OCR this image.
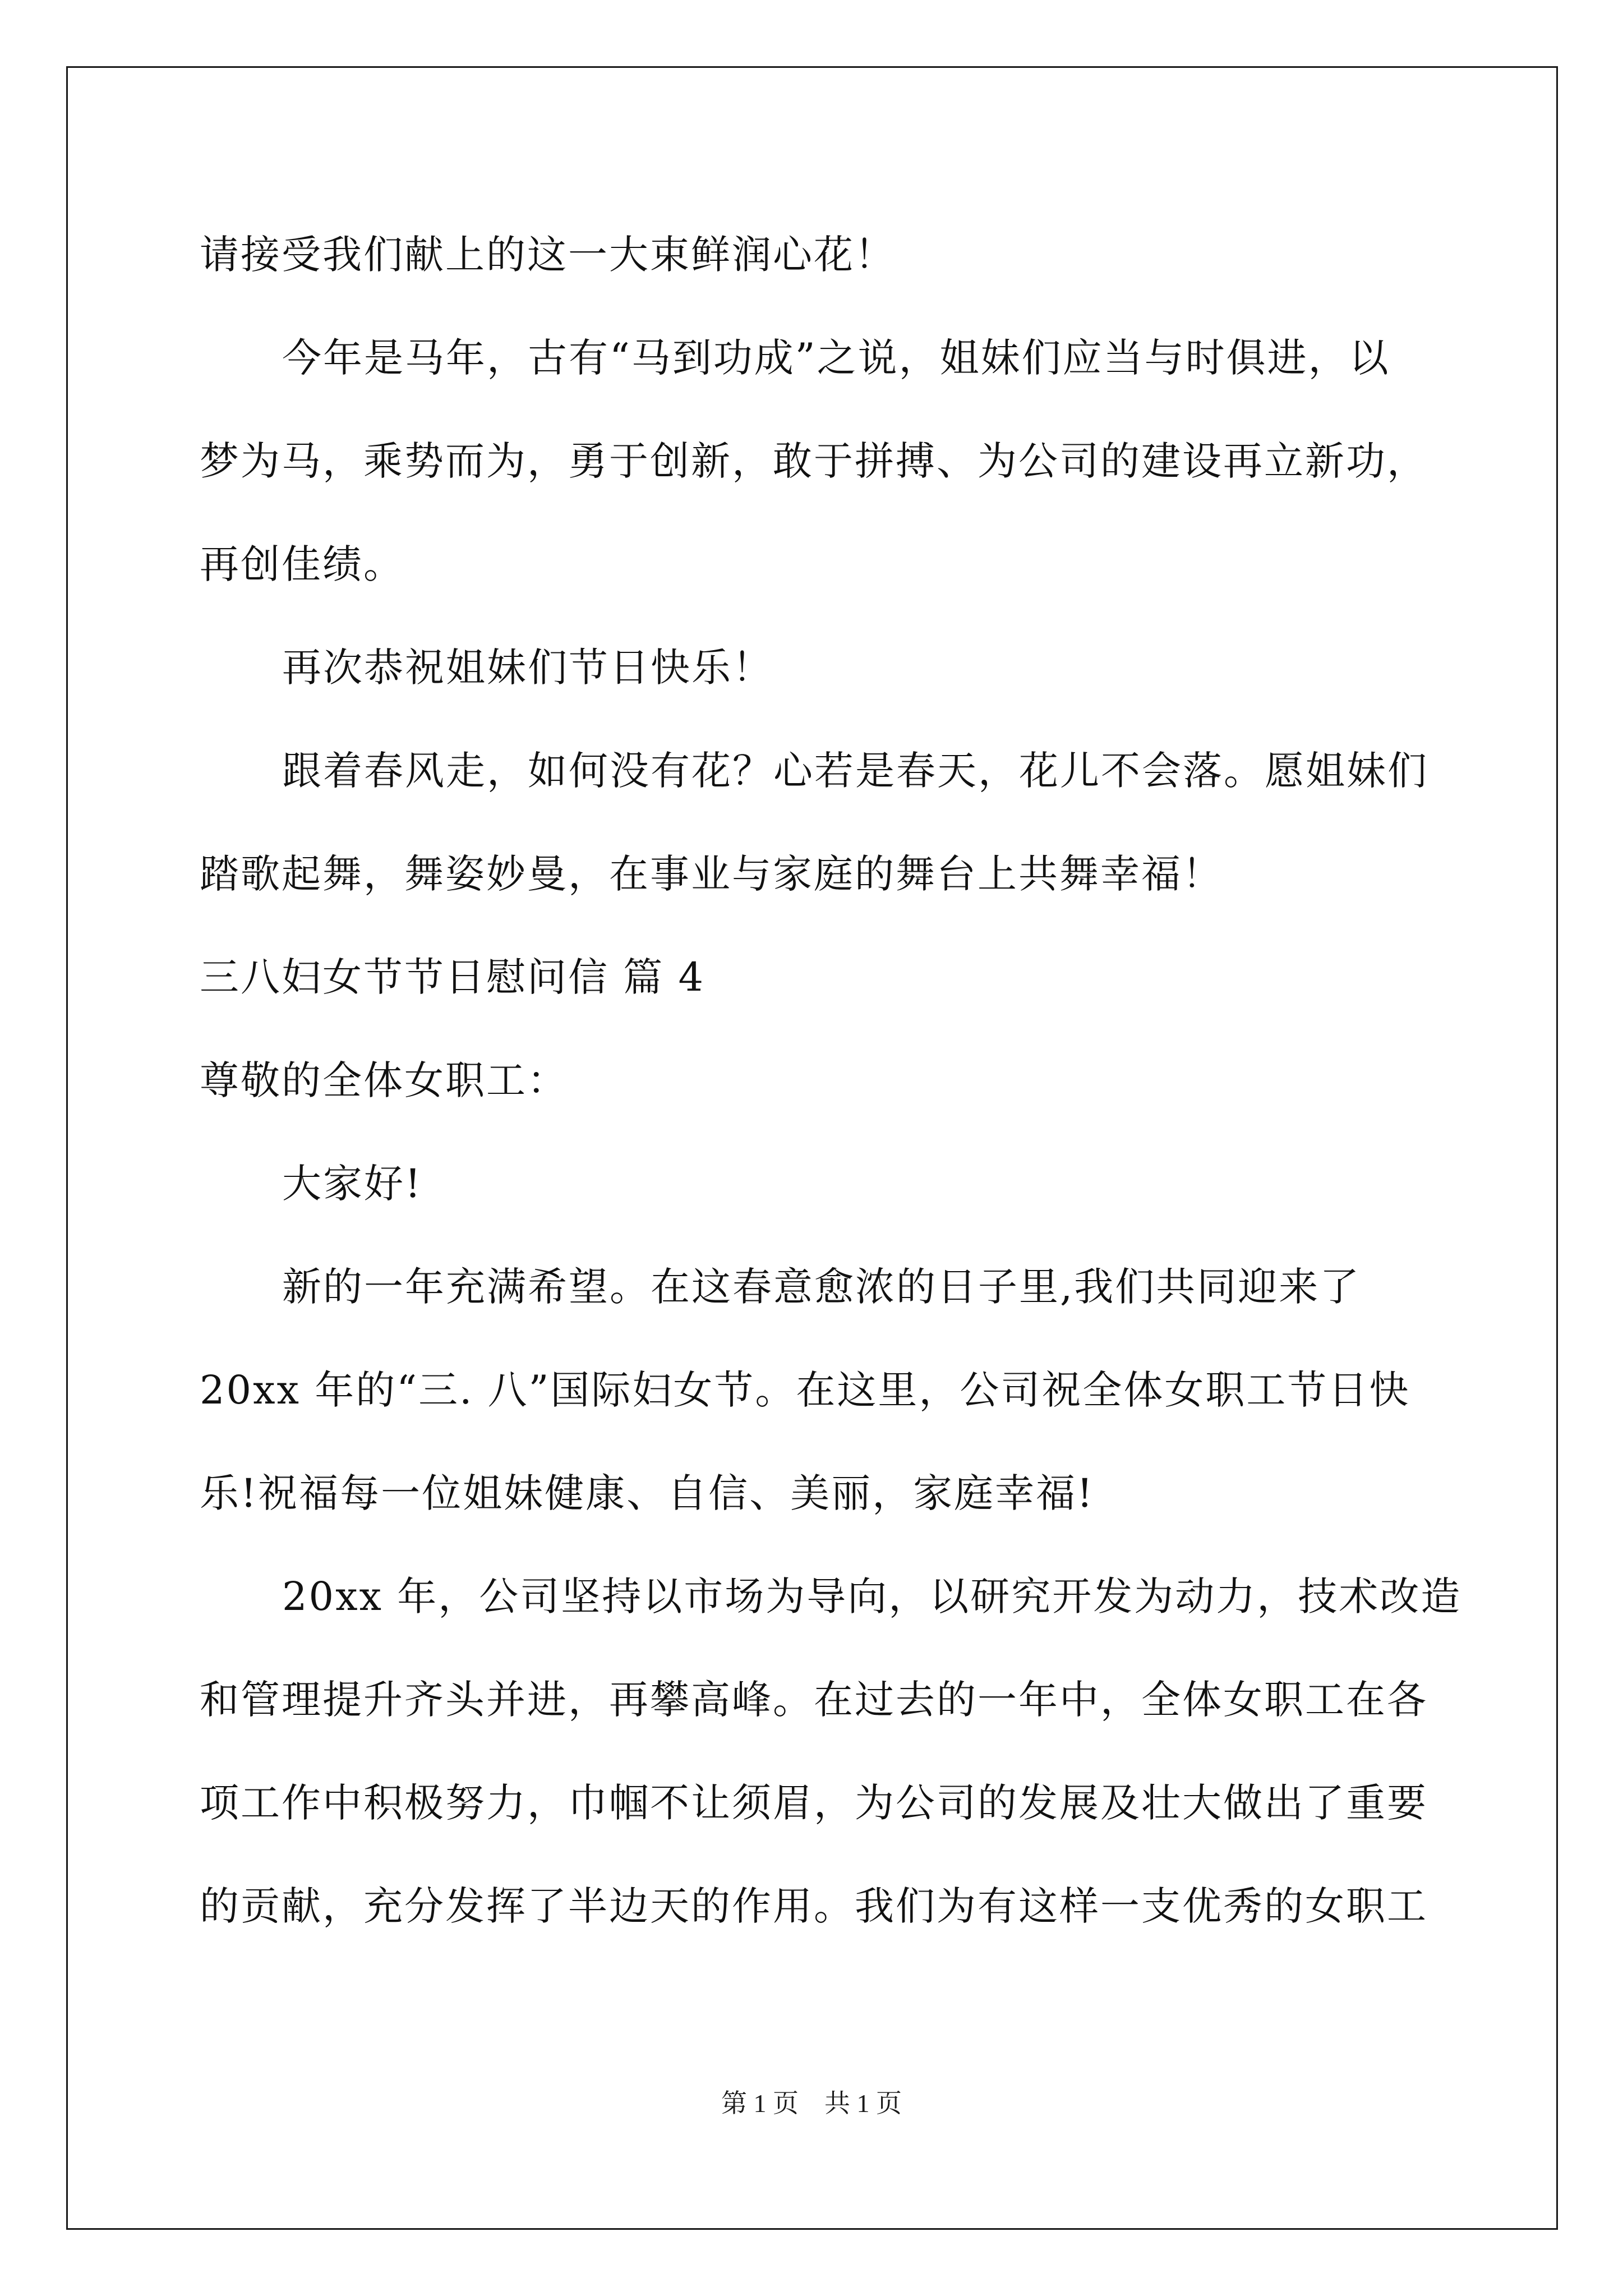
请接受我们献上的这一大束鲜润心花！
今年是马年，古有“马到功成”之说，姐妹们应当与时俱进，以
梦为马，乘势而为，勇于创新，敢于拼搏、为公司的建设再立新功，
再创佳绩。
再次恭祝姐妹们节日快乐！
跟着春风走，如何没有花？心若是春天，花儿不会落。愿姐妹们
踏歌起舞，舞姿妙曼，在事业与家庭的舞台上共舞幸福！
三八妇女节节日慰问信 篇 4
尊敬的全体女职工：
大家好!
新的一年充满希望。在这春意愈浓的日子里,我们共同迎来了
20xx 年的“三. 八”国际妇女节。在这里，公司祝全体女职工节日快
乐!祝福每一位姐妹健康、自信、美丽，家庭幸福!
20xx 年，公司坚持以市场为导向，以研究开发为动力，技术改造
和管理提升齐头并进，再攀高峰。在过去的一年中，全体女职工在各
项工作中积极努力，巾帼不让须眉，为公司的发展及壮大做出了重要
的贡献，充分发挥了半边天的作用。我们为有这样一支优秀的女职工
第 1 页　共 1 页
